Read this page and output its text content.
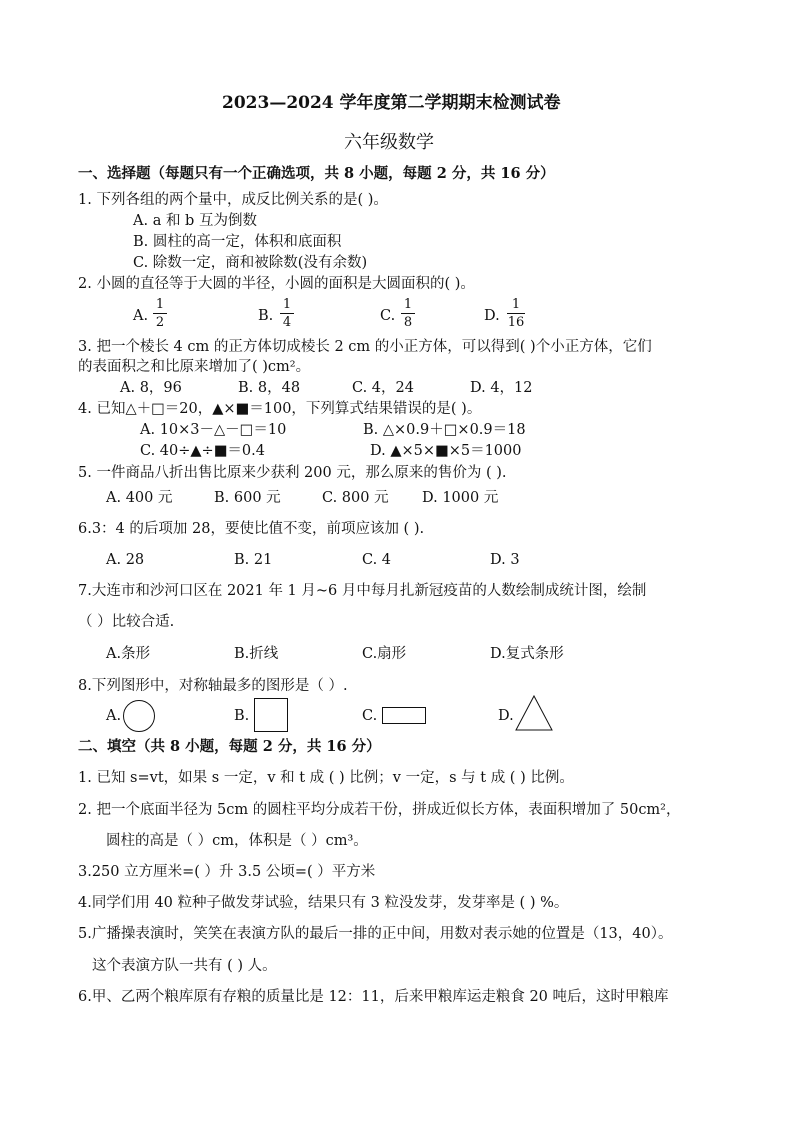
2023—2024 学年度第二学期期末检测试卷
六年级数学
一、选择题（每题只有一个正确选项，共 8 小题，每题 2 分，共 16 分）
1. 下列各组的两个量中，成反比例关系的是( )。
A. a 和 b 互为倒数
B. 圆柱的高一定，体积和底面积
C. 除数一定，商和被除数(没有余数)
2. 小圆的直径等于大圆的半径，小圆的面积是大圆面积的( )。
A. $\frac{1}{2}$	B. $\frac{1}{4}$	C. $\frac{1}{8}$	D. $\frac{1}{16}$
3. 把一个棱长 4 cm 的正方体切成棱长 2 cm 的小正方体，可以得到( )个小正方体，它们
的表面积之和比原来增加了( )cm²。
A. 8，96	B. 8，48	C. 4，24	D. 4，12
4. 已知△＋□＝20，▲×■＝100，下列算式结果错误的是( )。
A. 10×3－△－□＝10	B. △×0.9＋□×0.9＝18
C. 40÷▲÷■＝0.4	D. ▲×5×■×5＝1000
5. 一件商品八折出售比原来少获利 200 元，那么原来的售价为 ( ).
A. 400 元	B. 600 元	C. 800 元 D. 1000 元
6.3：4 的后项加 28，要使比值不变，前项应该加 ( ).
A. 28	B. 21	C. 4	D. 3
7.大连市和沙河口区在 2021 年 1 月~6 月中每月扎新冠疫苗的人数绘制成统计图，绘制
（ ）比较合适.
A.条形	B.折线	C.扇形	D.复式条形
8.下列图形中，对称轴最多的图形是（ ）.
A.	B.	C.	D.
二、填空（共 8 小题，每题 2 分，共 16 分）
1. 已知 s=vt，如果 s 一定，v 和 t 成 ( ) 比例；v 一定，s 与 t 成 ( ) 比例。
2. 把一个底面半径为 5cm 的圆柱平均分成若干份，拼成近似长方体，表面积增加了 50cm²，
圆柱的高是（ ）cm，体积是（ ）cm³。
3.250 立方厘米=( ）升 3.5 公顷=( ）平方米
4.同学们用 40 粒种子做发芽试验，结果只有 3 粒没发芽，发芽率是 ( ) %。
5.广播操表演时，笑笑在表演方队的最后一排的正中间，用数对表示她的位置是（13，40）。
这个表演方队一共有 ( ) 人。
6.甲、乙两个粮库原有存粮的质量比是 12：11，后来甲粮库运走粮食 20 吨后，这时甲粮库
